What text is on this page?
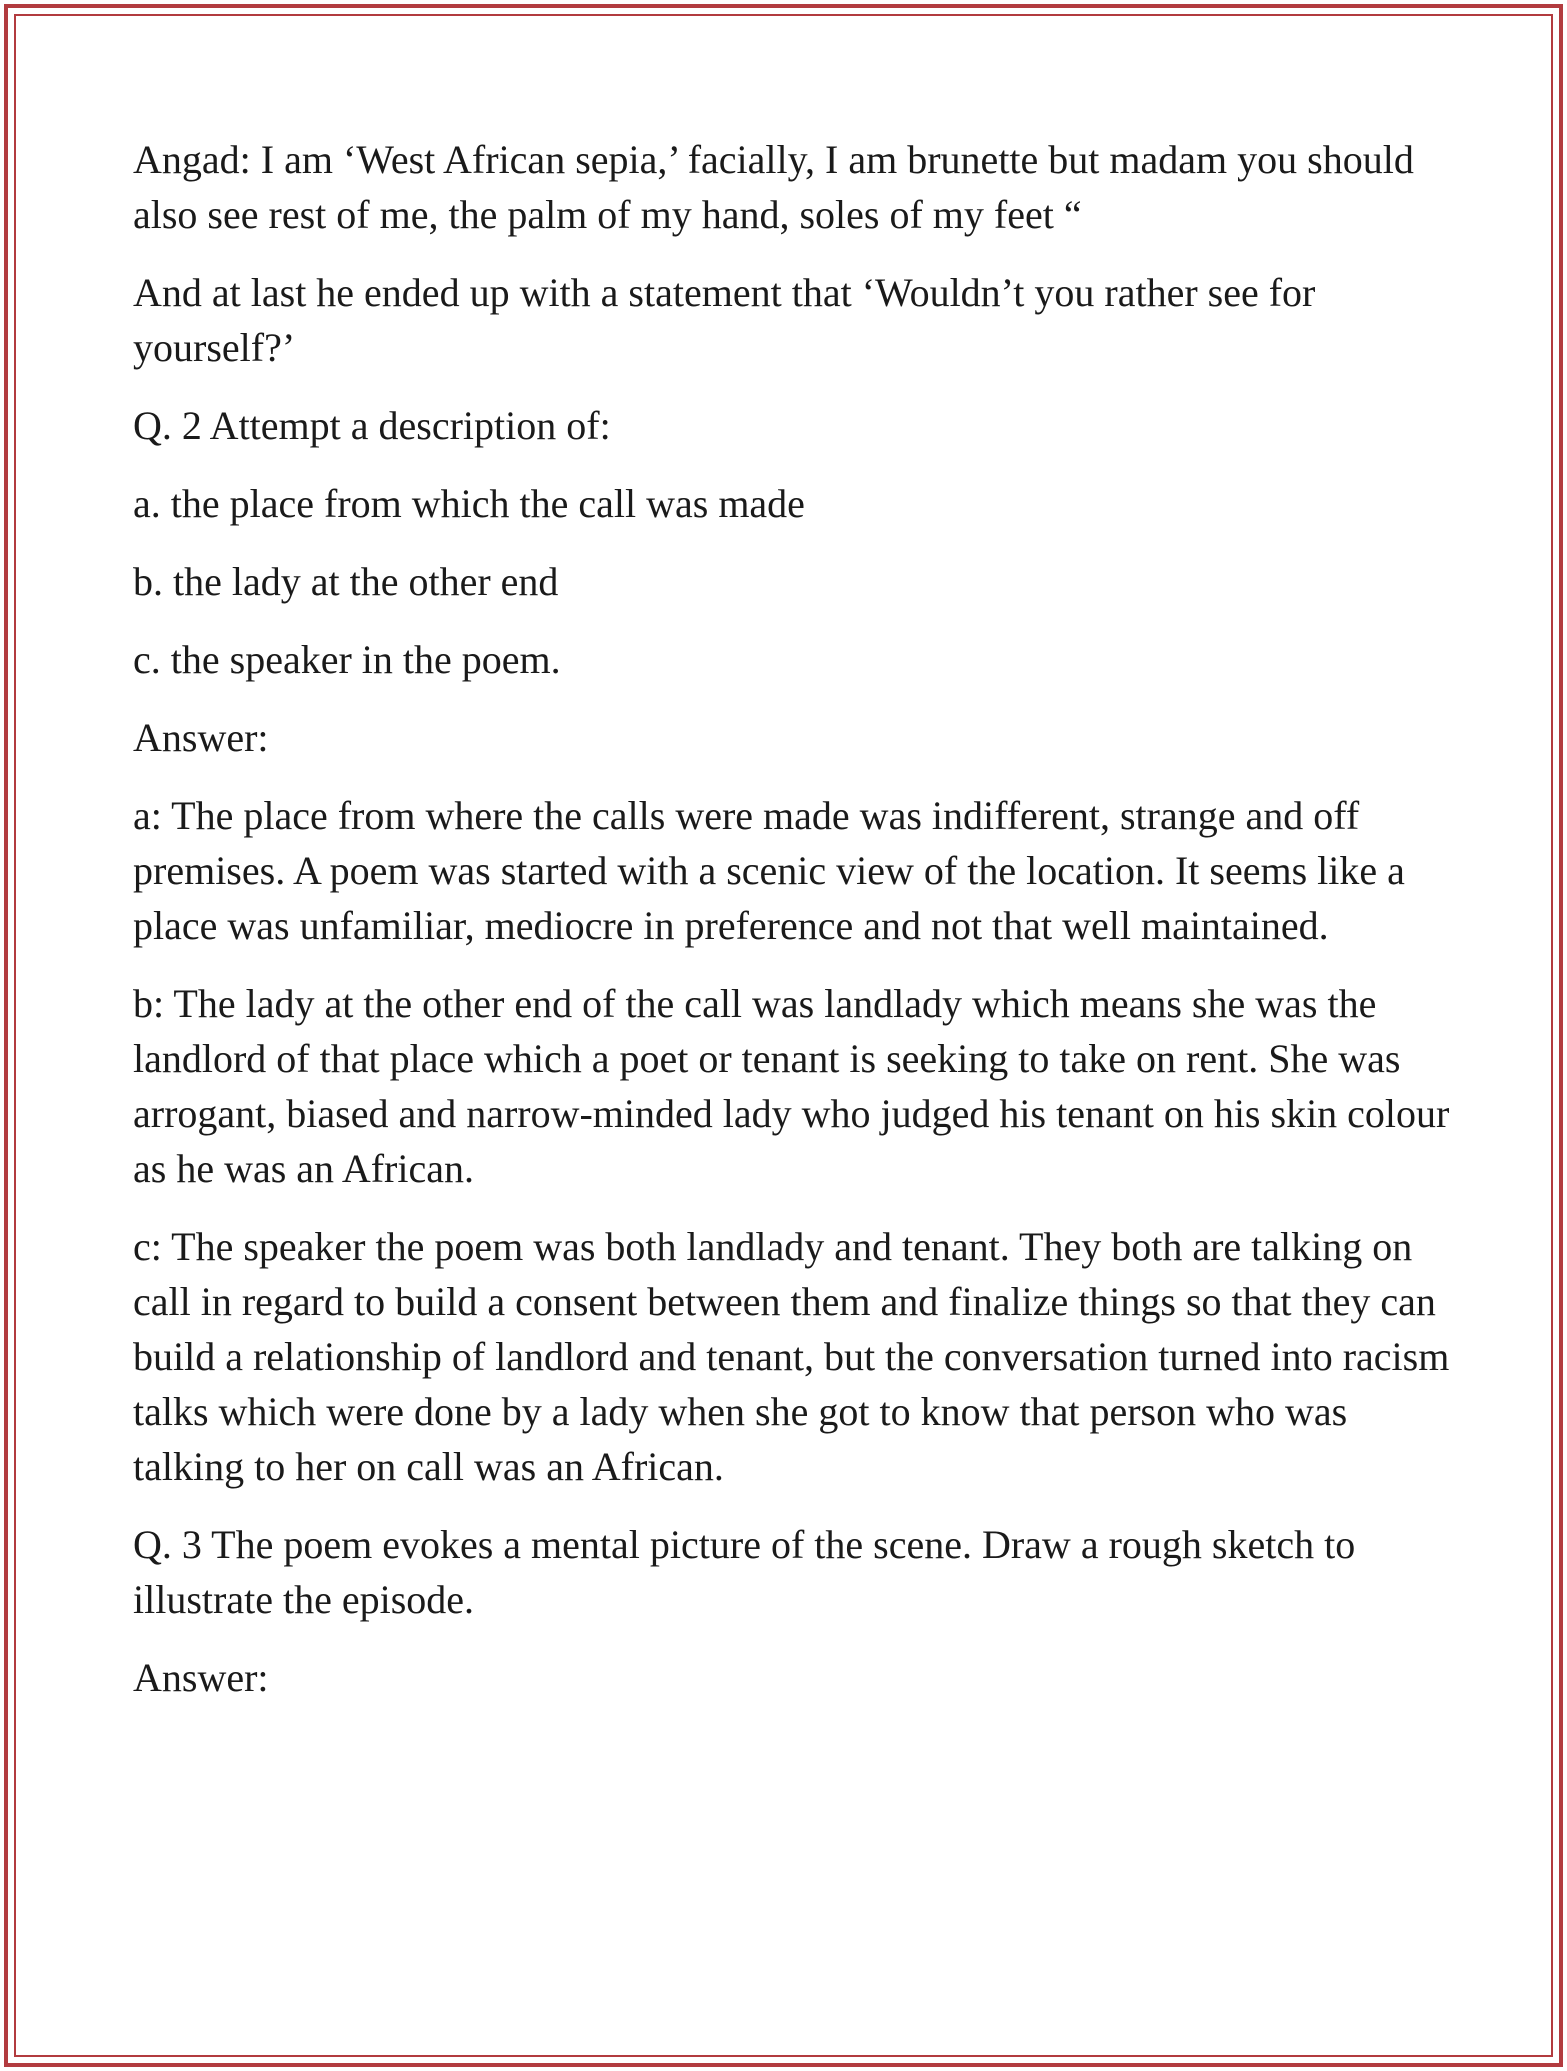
Angad: I am ‘West African sepia,’ facially, I am brunette but madam you should also see rest of me, the palm of my hand, soles of my feet “

And at last he ended up with a statement that ‘Wouldn’t you rather see for yourself?’

Q. 2 Attempt a description of:

a. the place from which the call was made

b. the lady at the other end

c. the speaker in the poem.

Answer:

a: The place from where the calls were made was indifferent, strange and off premises. A poem was started with a scenic view of the location. It seems like a place was unfamiliar, mediocre in preference and not that well maintained.

b: The lady at the other end of the call was landlady which means she was the landlord of that place which a poet or tenant is seeking to take on rent. She was arrogant, biased and narrow-minded lady who judged his tenant on his skin colour as he was an African.

c: The speaker the poem was both landlady and tenant. They both are talking on call in regard to build a consent between them and finalize things so that they can build a relationship of landlord and tenant, but the conversation turned into racism talks which were done by a lady when she got to know that person who was talking to her on call was an African.

Q. 3 The poem evokes a mental picture of the scene. Draw a rough sketch to illustrate the episode.

Answer:
